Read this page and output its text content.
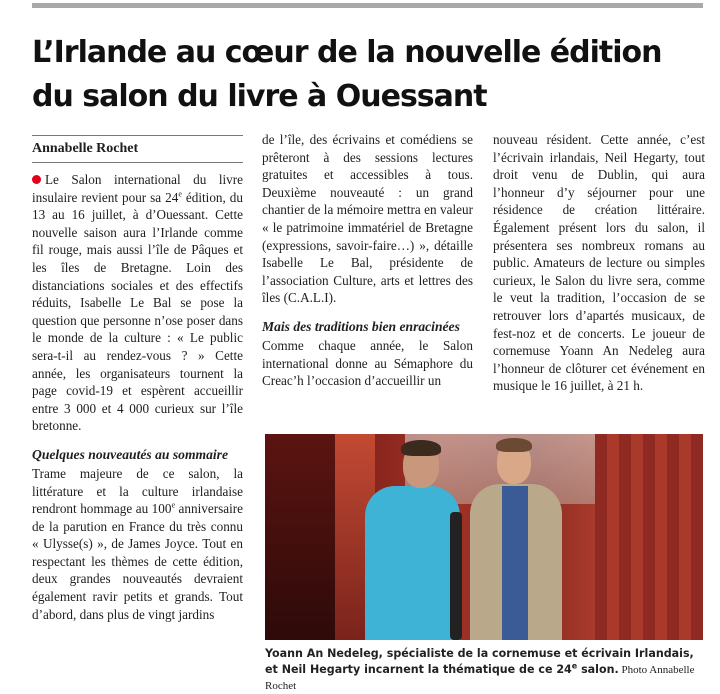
L’Irlande au cœur de la nouvelle édition
du salon du livre à Ouessant
Annabelle Rochet

Le Salon international du livre insulaire revient pour sa 24e édition, du 13 au 16 juillet, à d’Ouessant. Cette nouvelle saison aura l’Irlande comme fil rouge, mais aussi l’île de Pâques et les îles de Bretagne. Loin des distanciations sociales et des effectifs réduits, Isabelle Le Bal se pose la question que personne n’ose poser dans le monde de la culture : « Le public sera-t-il au rendez-vous ? » Cette année, les organisateurs tournent la page covid-19 et espèrent accueillir entre 3 000 et 4 000 curieux sur l’île bretonne.

Quelques nouveautés au sommaire

Trame majeure de ce salon, la littérature et la culture irlandaise rendront hommage au 100e anniversaire de la parution en France du très connu « Ulysse(s) », de James Joyce. Tout en respectant les thèmes de cette édition, deux grandes nouveautés devraient également ravir petits et grands. Tout d’abord, dans plus de vingt jardins

de l’île, des écrivains et comédiens se prêteront à des sessions lectures gratuites et accessibles à tous. Deuxième nouveauté : un grand chantier de la mémoire mettra en valeur « le patrimoine immatériel de Bretagne (expressions, savoir-faire…) », détaille Isabelle Le Bal, présidente de l’association Culture, arts et lettres des îles (C.A.L.I).

Mais des traditions bien enracinées

Comme chaque année, le Salon international donne au Sémaphore du Creac’h l’occasion d’accueillir un

nouveau résident. Cette année, c’est l’écrivain irlandais, Neil Hegarty, tout droit venu de Dublin, qui aura l’honneur d’y séjourner pour une résidence de création littéraire. Également présent lors du salon, il présentera ses nombreux romans au public. Amateurs de lecture ou simples curieux, le Salon du livre sera, comme le veut la tradition, l’occasion de se retrouver lors d’apartés musicaux, de fest-noz et de concerts. Le joueur de cornemuse Yoann An Nedeleg aura l’honneur de clôturer cet événement en musique le 16 juillet, à 21 h.

Yoann An Nedeleg, spécialiste de la cornemuse et écrivain Irlandais, et Neil Hegarty incarnent la thématique de ce 24e salon. Photo Annabelle Rochet
